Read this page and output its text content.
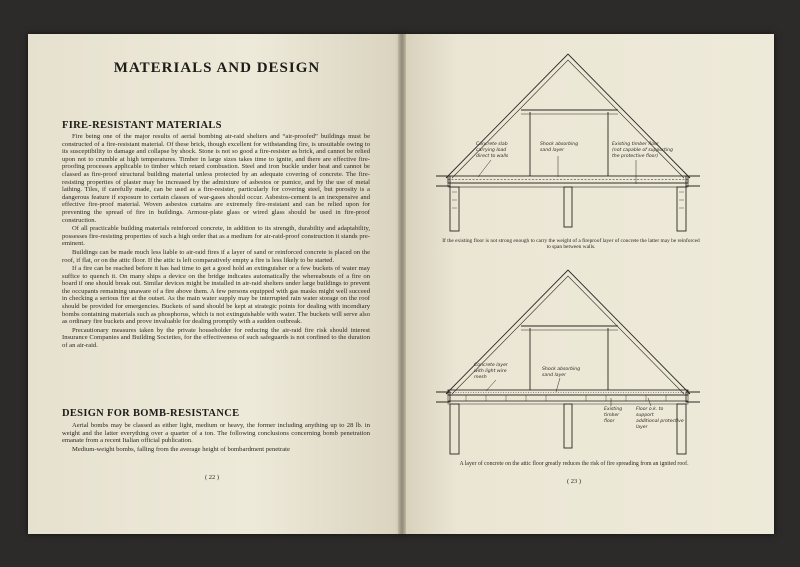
MATERIALS AND DESIGN
FIRE-RESISTANT MATERIALS

Fire being one of the major results of aerial bombing air-raid shelters and “air-proofed” buildings must be constructed of a fire-resistant material. Of these brick, though excellent for withstanding fire, is unsuitable owing to its susceptibility to damage and collapse by shock. Stone is not so good a fire-resister as brick, and cannot be relied upon not to crumble at high temperatures. Timber in large sizes takes time to ignite, and there are effective fire-proofing processes applicable to timber which retard combustion. Steel and iron buckle under heat and cannot be classed as fire-proof structural building material unless protected by an adequate covering of concrete. The fire-resisting properties of plaster may be increased by the admixture of asbestos or pumice, and by the use of metal lathing. Tiles, if carefully made, can be used as a fire-resister, particularly for covering steel, but porosity is a dangerous feature if exposure to certain classes of war-gases should occur. Asbestos-cement is an inexpensive and effective fire-proof material. Woven asbestos curtains are extremely fire-resistant and can be relied upon for preventing the spread of fire in buildings. Armour-plate glass or wired glass should be used in fire-proof construction.

Of all practicable building materials reinforced concrete, in addition to its strength, durability and adaptability, possesses fire-resisting properties of such a high order that as a medium for air-raid-proof construction it stands pre-eminent.

Buildings can be made much less liable to air-raid fires if a layer of sand or reinforced concrete is placed on the roof, if flat, or on the attic floor. If the attic is left comparatively empty a fire is less likely to be started.

If a fire can be reached before it has had time to get a good hold an extinguisher or a few buckets of water may suffice to quench it. On many ships a device on the bridge indicates automatically the whereabouts of a fire on board if one should break out. Similar devices might be installed in air-raid shelters under large buildings to prevent the occupants remaining unaware of a fire above them. A few persons equipped with gas masks might well succeed in checking a serious fire at the outset. As the main water supply may be interrupted rain water storage on the roof should be provided for emergencies. Buckets of sand should be kept at strategic points for dealing with incendiary bombs containing materials such as phosphorus, which is not extinguishable with water. The buckets will serve also as ordinary fire buckets and prove invaluable for dealing promptly with a sudden outbreak.

Precautionary measures taken by the private householder for reducing the air-raid fire risk should interest Insurance Companies and Building Societies, for the effectiveness of such safeguards is not confined to the duration of an air-raid.

DESIGN FOR BOMB-RESISTANCE

Aerial bombs may be classed as either light, medium or heavy, the former including anything up to 28 lb. in weight and the latter everything over a quarter of a ton. The following conclusions concerning bomb penetration emanate from a recent Italian official publication.

Medium-weight bombs, falling from the average height of bombardment penetrate

( 22 )
Concrete slab
carrying load
direct to walls
Shock absorbing
sand layer
Existing timber floor
(not capable of supporting
the protective floor)
If the existing floor is not strong enough to carry the weight of a fireproof layer of concrete the latter may be reinforced to span between walls.
Concrete layer
with light wire
mesh
Shock absorbing
sand layer
Existing
timber
floor
Floor o.k. to
support
additional protective
layer
A layer of concrete on the attic floor greatly reduces the risk of fire spreading from an ignited roof.
( 23 )
